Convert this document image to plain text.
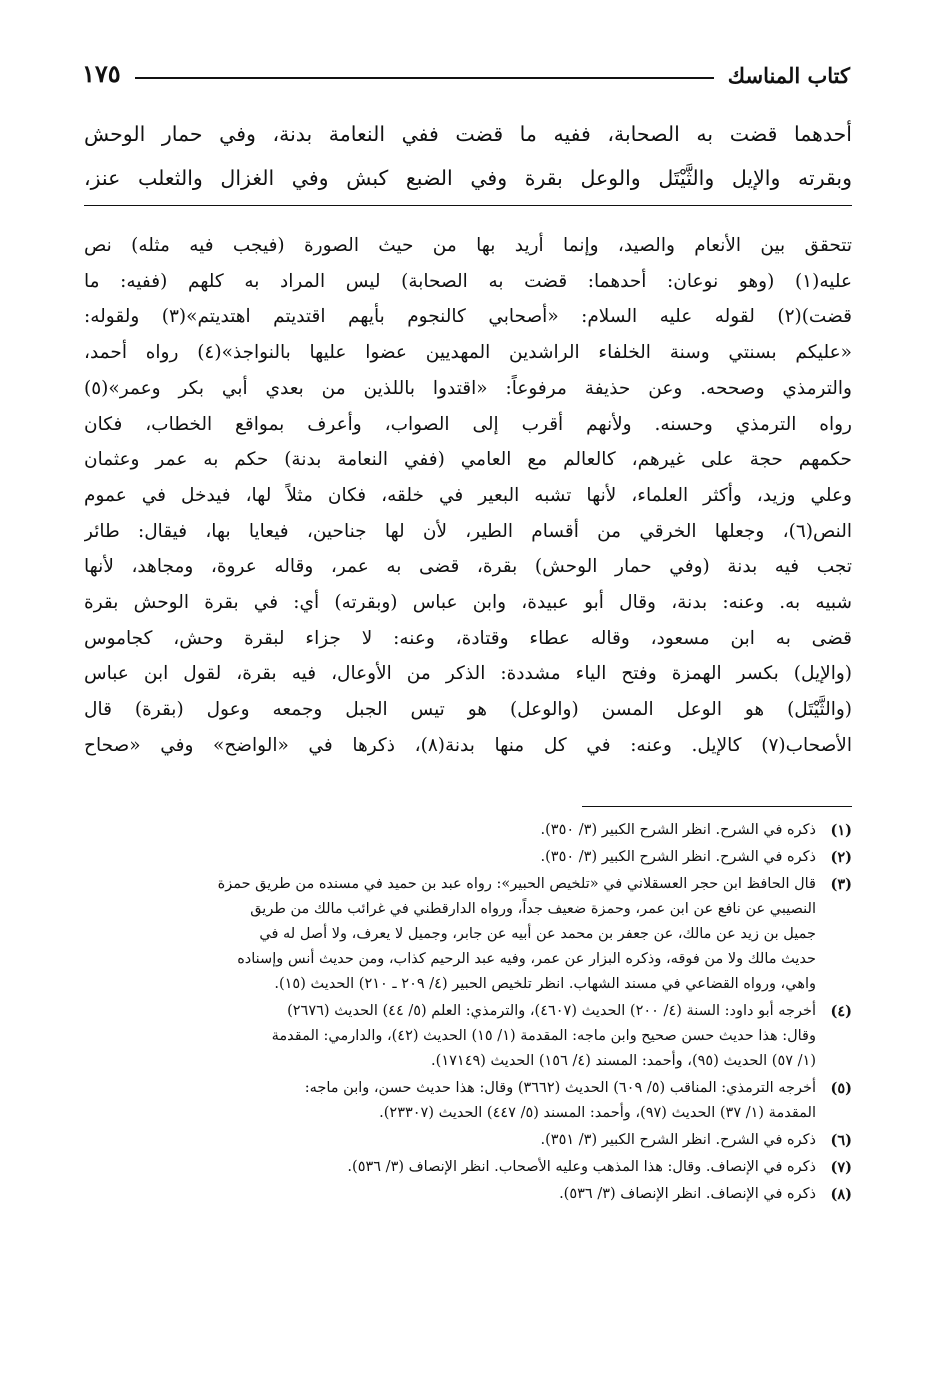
كتاب المناسك
١٧٥
أحدهما قضت به الصحابة، ففيه ما قضت ففي النعامة بدنة، وفي حمار الوحش
وبقرته والإيل والثَّيْتَل والوعل بقرة وفي الضبع كبش وفي الغزال والثعلب عنز،
تتحقق بين الأنعام والصيد، وإنما أريد بها من حيث الصورة (فيجب فيه مثله) نص
عليه(١) (وهو نوعان: أحدهما: قضت به الصحابة) ليس المراد به كلهم (ففيه: ما
قضت)(٢) لقوله عليه السلام: «أصحابي كالنجوم بأيهم اقتديتم اهتديتم»(٣) ولقوله:
«عليكم بسنتي وسنة الخلفاء الراشدين المهديين عضوا عليها بالنواجذ»(٤) رواه أحمد،
والترمذي وصححه. وعن حذيفة مرفوعاً: «اقتدوا باللذين من بعدي أبي بكر وعمر»(٥)
رواه الترمذي وحسنه. ولأنهم أقرب إلى الصواب، وأعرف بمواقع الخطاب، فكان
حكمهم حجة على غيرهم، كالعالم مع العامي (ففي النعامة بدنة) حكم به عمر وعثمان
وعلي وزيد، وأكثر العلماء، لأنها تشبه البعير في خلقه، فكان مثلاً لها، فيدخل في عموم
النص(٦)، وجعلها الخرقي من أقسام الطير، لأن لها جناحين، فيعايا بها، فيقال: طائر
تجب فيه بدنة (وفي حمار الوحش) بقرة، قضى به عمر، وقاله عروة، ومجاهد، لأنها
شبيه به. وعنه: بدنة، وقال أبو عبيدة، وابن عباس (وبقرته) أي: في بقرة الوحش بقرة
قضى به ابن مسعود، وقاله عطاء وقتادة، وعنه: لا جزاء لبقرة وحش، كجاموس
(والإيل) بكسر الهمزة وفتح الياء مشددة: الذكر من الأوعال، فيه بقرة، لقول ابن عباس
(والثَّيْتَل) هو الوعل المسن (والوعل) هو تيس الجبل وجمعه وعول (بقرة) قال
الأصحاب(٧) كالإيل. وعنه: في كل منها بدنة(٨)، ذكرها في «الواضح» وفي «صحاح
(١)
ذكره في الشرح. انظر الشرح الكبير (٣/ ٣٥٠).
(٢)
ذكره في الشرح. انظر الشرح الكبير (٣/ ٣٥٠).
(٣)
قال الحافظ ابن حجر العسقلاني في «تلخيص الحبير»: رواه عبد بن حميد في مسنده من طريق حمزة
النصيبي عن نافع عن ابن عمر، وحمزة ضعيف جداً، ورواه الدارقطني في غرائب مالك من طريق
جميل بن زيد عن مالك، عن جعفر بن محمد عن أبيه عن جابر، وجميل لا يعرف، ولا أصل له في
حديث مالك ولا من فوقه، وذكره البزار عن عمر، وفيه عبد الرحيم كذاب، ومن حديث أنس وإسناده
واهي، ورواه القضاعي في مسند الشهاب. انظر تلخيص الحبير (٤/ ٢٠٩ ـ ٢١٠) الحديث (١٥).
(٤)
أخرجه أبو داود: السنة (٤/ ٢٠٠) الحديث (٤٦٠٧)، والترمذي: العلم (٥/ ٤٤) الحديث (٢٦٧٦)
وقال: هذا حديث حسن صحيح وابن ماجه: المقدمة (١/ ١٥) الحديث (٤٢)، والدارمي: المقدمة
(١/ ٥٧) الحديث (٩٥)، وأحمد: المسند (٤/ ١٥٦) الحديث (١٧١٤٩).
(٥)
أخرجه الترمذي: المناقب (٥/ ٦٠٩) الحديث (٣٦٦٢) وقال: هذا حديث حسن، وابن ماجه:
المقدمة (١/ ٣٧) الحديث (٩٧)، وأحمد: المسند (٥/ ٤٤٧) الحديث (٢٣٣٠٧).
(٦)
ذكره في الشرح. انظر الشرح الكبير (٣/ ٣٥١).
(٧)
ذكره في الإنصاف. وقال: هذا المذهب وعليه الأصحاب. انظر الإنصاف (٣/ ٥٣٦).
(٨)
ذكره في الإنصاف. انظر الإنصاف (٣/ ٥٣٦).
